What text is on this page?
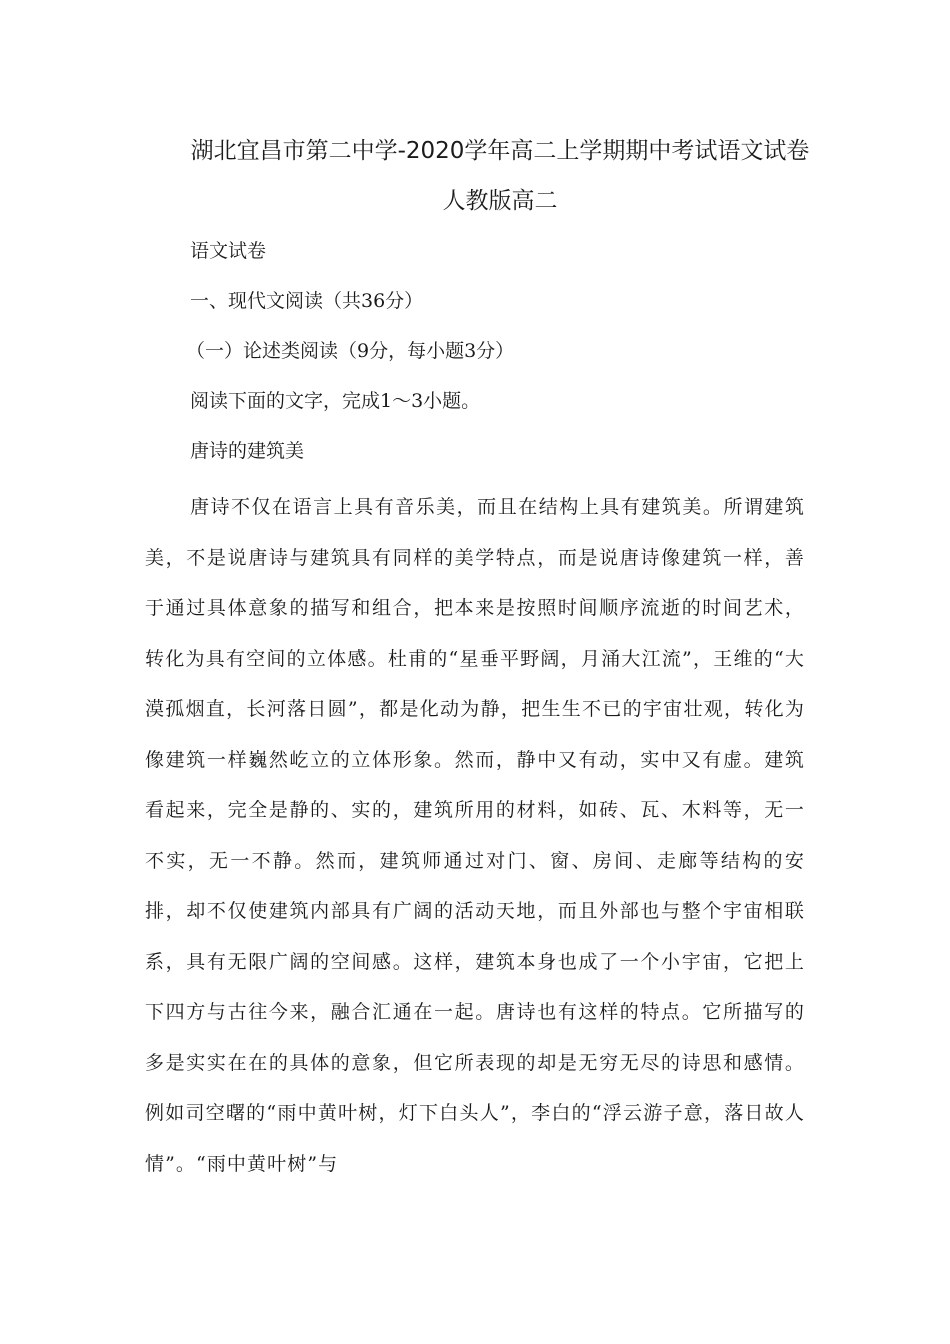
湖北宜昌市第二中学-2020学年高二上学期期中考试语文试卷
人教版高二
语文试卷
一、现代文阅读（共36分）
（一）论述类阅读（9分，每小题3分）
阅读下面的文字，完成1～3小题。
唐诗的建筑美

唐诗不仅在语言上具有音乐美，而且在结构上具有建筑美。所谓建筑美，不是说唐诗与建筑具有同样的美学特点，而是说唐诗像建筑一样，善于通过具体意象的描写和组合，把本来是按照时间顺序流逝的时间艺术，转化为具有空间的立体感。杜甫的“星垂平野阔，月涌大江流”，王维的“大漠孤烟直，长河落日圆”，都是化动为静，把生生不已的宇宙壮观，转化为像建筑一样巍然屹立的立体形象。然而，静中又有动，实中又有虚。建筑看起来，完全是静的、实的，建筑所用的材料，如砖、瓦、木料等，无一不实，无一不静。然而，建筑师通过对门、窗、房间、走廊等结构的安排，却不仅使建筑内部具有广阔的活动天地，而且外部也与整个宇宙相联系，具有无限广阔的空间感。这样，建筑本身也成了一个小宇宙，它把上下四方与古往今来，融合汇通在一起。唐诗也有这样的特点。它所描写的多是实实在在的具体的意象，但它所表现的却是无穷无尽的诗思和感情。例如司空曙的“雨中黄叶树，灯下白头人”，李白的“浮云游子意，落日故人情”。“雨中黄叶树”与
